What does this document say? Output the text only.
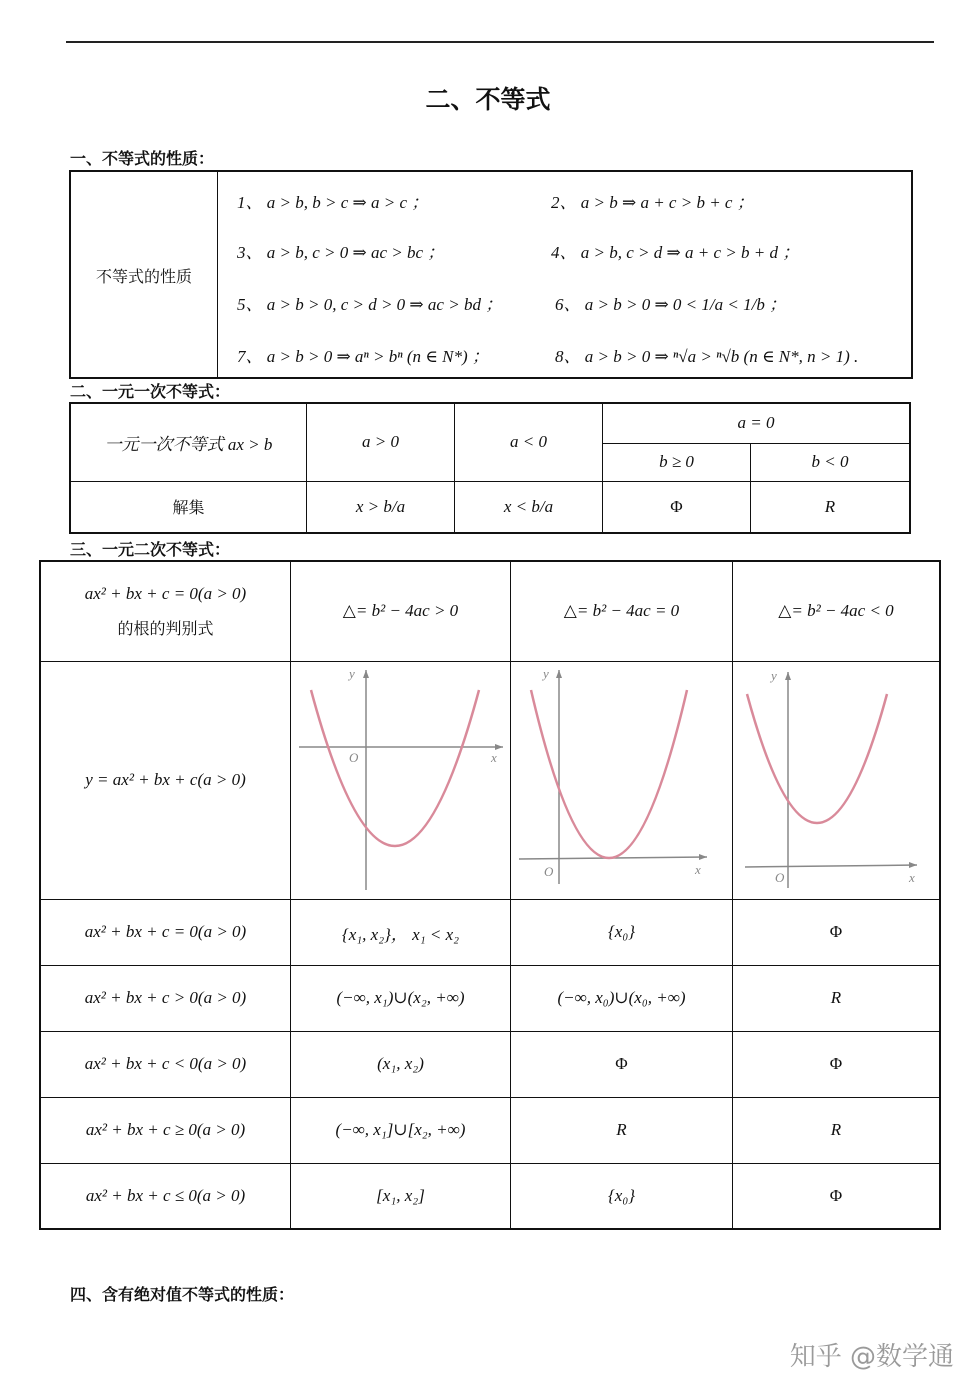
二、不等式
一、不等式的性质：
不等式的性质
1、 a > b, b > c ⇒ a > c ；	2、 a > b ⇒ a + c > b + c ；
3、 a > b, c > 0 ⇒ ac > bc ；	4、 a > b, c > d ⇒ a + c > b + d ；
5、 a > b > 0, c > d > 0 ⇒ ac > bd ；	6、 a > b > 0 ⇒ 0 < 1/a < 1/b ；
7、 a > b > 0 ⇒ aⁿ > bⁿ (n ∈ N*) ；	8、 a > b > 0 ⇒ ⁿ√a > ⁿ√b (n ∈ N*, n > 1) .
二、一元一次不等式：
一元一次不等式 ax > b	a > 0	a < 0	a = 0	
			b ≥ 0	b < 0
解集	x > b/a	x < b/a	Φ	R
三、一元二次不等式：
ax² + bx + c = 0(a > 0)
的根的判别式	△= b² − 4ac > 0	△= b² − 4ac = 0	△= b² − 4ac < 0
y = ax² + bx + c(a > 0)	x
y
O	x
y
O	x
y
O

ax² + bx + c = 0(a > 0)	{x₁, x₂}， x₁ < x₂	{x₀}	Φ
ax² + bx + c > 0(a > 0)	(−∞, x₁)∪(x₂, +∞)	(−∞, x₀)∪(x₀, +∞)	R
ax² + bx + c < 0(a > 0)	(x₁, x₂)	Φ	Φ
ax² + bx + c ≥ 0(a > 0)	(−∞, x₁]∪[x₂, +∞)	R	R
ax² + bx + c ≤ 0(a > 0)	[x₁, x₂]	{x₀}	Φ
四、含有绝对值不等式的性质：
知乎 @数学通
